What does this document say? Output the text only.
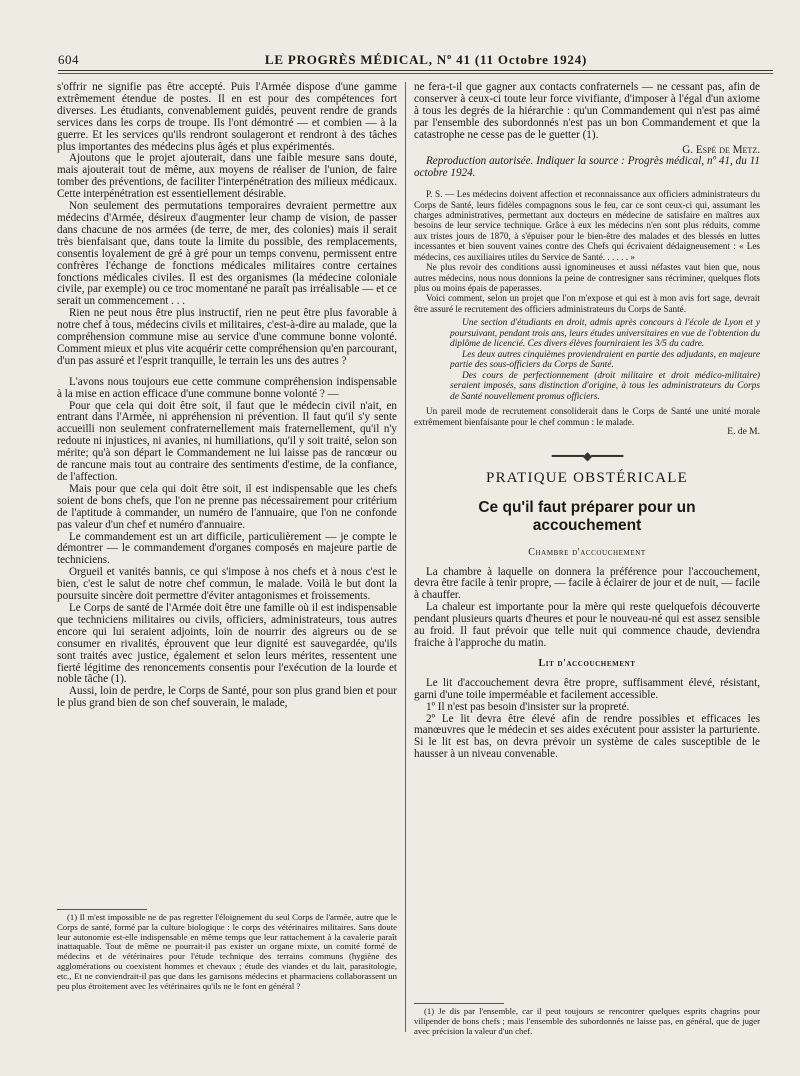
604	LE PROGRÈS MÉDICAL, Nº 41 (11 Octobre 1924)

s'offrir ne signifie pas être accepté. Puis l'Armée dispose d'une gamme extrêmement étendue de postes. Il en est pour des compétences fort diverses. Les étudiants, convenablement guidés, peuvent rendre de grands services dans les corps de troupe. Ils l'ont démontré — et combien — à la guerre. Et les services qu'ils rendront soulageront et rendront à des tâches plus importantes des médecins plus âgés et plus expérimentés.

Ajoutons que le projet ajouterait, dans une faible mesure sans doute, mais ajouterait tout de même, aux moyens de réaliser de l'union, de faire tomber des préventions, de faciliter l'interpénétration des milieux médicaux. Cette interpénétration est essentiellement désirable.

Non seulement des permutations temporaires devraient permettre aux médecins d'Armée, désireux d'augmenter leur champ de vision, de passer dans chacune de nos armées (de terre, de mer, des colonies) mais il serait très bienfaisant que, dans toute la limite du possible, des remplacements, consentis loyalement de gré à gré pour un temps convenu, permissent entre confrères l'échange de fonctions médicales militaires contre certaines fonctions médicales civiles. Il est des organismes (la médecine coloniale civile, par exemple) ou ce troc momentané ne paraît pas irréalisable — et ce serait un commencement . . .

Rien ne peut nous être plus instructif, rien ne peut être plus favorable à notre chef à tous, médecins civils et militaires, c'est-à-dire au malade, que la compréhension commune mise au service d'une commune bonne volonté. Comment mieux et plus vite acquérir cette compréhension qu'en parcourant, d'un pas assuré et l'esprit tranquille, le terrain les uns des autres ?

L'avons nous toujours eue cette commune compréhension indispensable à la mise en action efficace d'une commune bonne volonté ? —

Pour que cela qui doit être soit, il faut que le médecin civil n'ait, en entrant dans l'Armée, ni appréhension ni prévention. Il faut qu'il s'y sente accueilli non seulement confraternellement mais fraternellement, qu'il n'y redoute ni injustices, ni avanies, ni humiliations, qu'il y soit traité, selon son mérite; qu'à son départ le Commandement ne lui laisse pas de rancœur ou de rancune mais tout au contraire des sentiments d'estime, de la confiance, de l'affection.

Mais pour que cela qui doit être soit, il est indispensable que les chefs soient de bons chefs, que l'on ne prenne pas nécessairement pour critérium de l'aptitude à commander, un numéro de l'annuaire, que l'on ne confonde pas valeur d'un chef et numéro d'annuaire.

Le commandement est un art difficile, particulièrement — je compte le démontrer — le commandement d'organes composés en majeure partie de techniciens.

Orgueil et vanités bannis, ce qui s'impose à nos chefs et à nous c'est le bien, c'est le salut de notre chef commun, le malade. Voilà le but dont la poursuite sincère doit permettre d'éviter antagonismes et froissements.

Le Corps de santé de l'Armée doit être une famille où il est indispensable que techniciens militaires ou civils, officiers, administrateurs, tous autres encore qui lui seraient adjoints, loin de nourrir des aigreurs ou de se consumer en rivalités, éprouvent que leur dignité est sauvegardée, qu'ils sont traités avec justice, également et selon leurs mérites, ressentent une fierté légitime des renoncements consentis pour l'exécution de la lourde et noble tâche (1).

Aussi, loin de perdre, le Corps de Santé, pour son plus grand bien et pour le plus grand bien de son chef souverain, le malade,

(1) Il m'est impossible ne de pas regretter l'éloignement du seul Corps de l'armée, autre que le Corps de santé, formé par la culture biologique : le corps des vétérinaires militaires. Sans doute leur autonomie est-elle indispensable en même temps que leur rattachement à la cavalerie paraît inattaquable. Tout de même ne pourrait-il pas exister un organe mixte, un comité formé de médecins et de vétérinaires pour l'étude technique des terrains communs (hygiène des agglomérations ou coexistent hommes et chevaux ; étude des viandes et du lait, parasitologie, etc., Et ne conviendrait-il pas que dans les garnisons médecins et pharmaciens collaborassent un peu plus étroitement avec les vétérinaires qu'ils ne le font en général ?

ne fera-t-il que gagner aux contacts confraternels — ne cessant pas, afin de conserver à ceux-ci toute leur force vivifiante, d'imposer à l'égal d'un axiome à tous les degrés de la hiérarchie : qu'un Commandement qui n'est pas aimé par l'ensemble des subordonnés n'est pas un bon Commandement et que la catastrophe ne cesse pas de le guetter (1).

G. Espé de Metz.

Reproduction autorisée. Indiquer la source : Progrès médical, nº 41, du 11 octobre 1924.

P. S. — Les médecins doivent affection et reconnaissance aux officiers administrateurs du Corps de Santé, leurs fidèles compagnons sous le feu, car ce sont ceux-ci qui, assumant les charges administratives, permettant aux docteurs en médecine de satisfaire en maîtres aux besoins de leur service technique. Grâce à eux les médecins n'en sont plus réduits, comme aux tristes jours de 1870, à s'épuiser pour le bien-être des malades et des blessés en luttes incessantes et bien souvent vaines contre des Chefs qui écrivaient dédaigneusement : « Les médecins, ces auxiliaires utiles du Service de Santé. . . . . . »

Ne plus revoir des conditions aussi ignomineuses et aussi néfastes vaut bien que, nous autres médecins, nous nous donnions la peine de contresigner sans récriminer, quelques flots plus ou moins épais de paperasses.

Voici comment, selon un projet que l'on m'expose et qui est à mon avis fort sage, devrait être assuré le recrutement des officiers administrateurs du Corps de Santé.

Une section d'étudiants en droit, admis après concours à l'école de Lyon et y poursuivant, pendant trois ans, leurs études universitaires en vue de l'obtention du diplôme de licencié. Ces divers élèves fourniraient les 3/5 du cadre.

Les deux autres cinquièmes proviendraient en partie des adjudants, en majeure partie des sous-officiers du Corps de Santé.

Des cours de perfectionnement (droit militaire et droit médico-militaire) seraient imposés, sans distinction d'origine, à tous les administrateurs du Corps de Santé nouvellement promus officiers.

Un pareil mode de recrutement consoliderait dans le Corps de Santé une unité morale extrêmement bienfaisante pour le chef commun : le malade.

E. de M.
━━━━━◆━━━━━
PRATIQUE OBSTÉRICALE
Ce qu'il faut préparer pour un accouchement
Chambre d'accouchement

La chambre à laquelle on donnera la préférence pour l'accouchement, devra être facile à tenir propre, — facile à éclairer de jour et de nuit, — facile à chauffer.

La chaleur est importante pour la mère qui reste quelquefois découverte pendant plusieurs quarts d'heures et pour le nouveau-né qui est assez sensible au froid. Il faut prévoir que telle nuit qui commence chaude, deviendra fraiche à l'approche du matin.

Lit d'accouchement

Le lit d'accouchement devra être propre, suffisamment élevé, résistant, garni d'une toile imperméable et facilement accessible.

1º Il n'est pas besoin d'insister sur la propreté.

2º Le lit devra être élevé afin de rendre possibles et efficaces les manœuvres que le médecin et ses aides exécutent pour assister la parturiente. Si le lit est bas, on devra prévoir un système de cales susceptible de le hausser à un niveau convenable.

(1) Je dis par l'ensemble, car il peut toujours se rencontrer quelques esprits chagrins pour vilipender de bons chefs ; mais l'ensemble des subordonnés ne laisse pas, en général, que de juger avec précision la valeur d'un chef.
